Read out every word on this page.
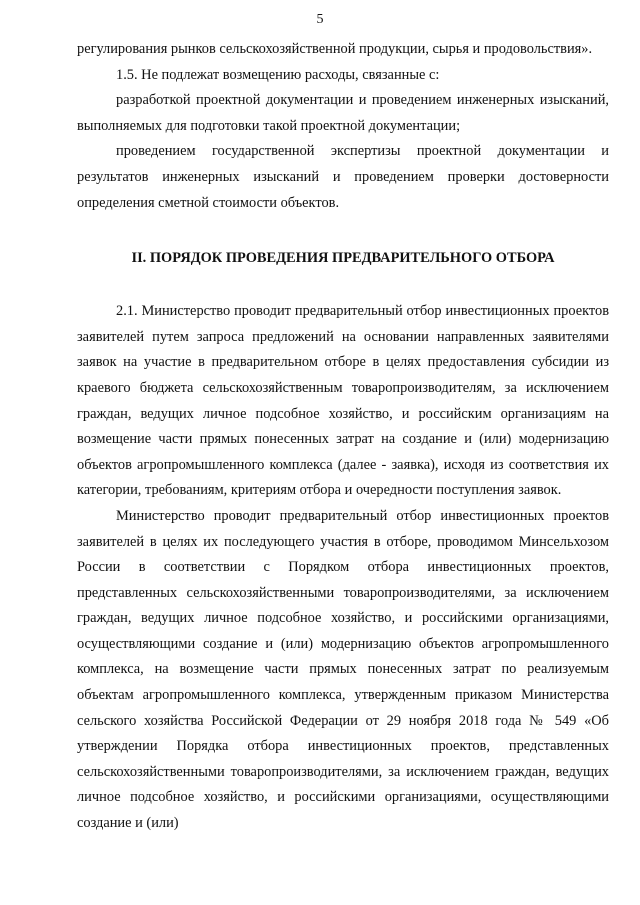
5

регулирования рынков сельскохозяйственной продукции, сырья и продовольствия».

1.5. Не подлежат возмещению расходы, связанные с:

разработкой проектной документации и проведением инженерных изысканий, выполняемых для подготовки такой проектной документации;

проведением государственной экспертизы проектной документации и результатов инженерных изысканий и проведением проверки достоверности определения сметной стоимости объектов.

II. ПОРЯДОК ПРОВЕДЕНИЯ ПРЕДВАРИТЕЛЬНОГО ОТБОРА

2.1. Министерство проводит предварительный отбор инвестиционных проектов заявителей путем запроса предложений на основании направленных заявителями заявок на участие в предварительном отборе в целях предоставления субсидии из краевого бюджета сельскохозяйственным товаропроизводителям, за исключением граждан, ведущих личное подсобное хозяйство, и российским организациям на возмещение части прямых понесенных затрат на создание и (или) модернизацию объектов агропромышленного комплекса (далее - заявка), исходя из соответствия их категории, требованиям, критериям отбора и очередности поступления заявок.

Министерство проводит предварительный отбор инвестиционных проектов заявителей в целях их последующего участия в отборе, проводимом Минсельхозом России в соответствии с Порядком отбора инвестиционных проектов, представленных сельскохозяйственными товаропроизводителями, за исключением граждан, ведущих личное подсобное хозяйство, и российскими организациями, осуществляющими создание и (или) модернизацию объектов агропромышленного комплекса, на возмещение части прямых понесенных затрат по реализуемым объектам агропромышленного комплекса, утвержденным приказом Министерства сельского хозяйства Российской Федерации от 29 ноября 2018 года № 549 «Об утверждении Порядка отбора инвестиционных проектов, представленных сельскохозяйственными товаропроизводителями, за исключением граждан, ведущих личное подсобное хозяйство, и российскими организациями, осуществляющими создание и (или)
